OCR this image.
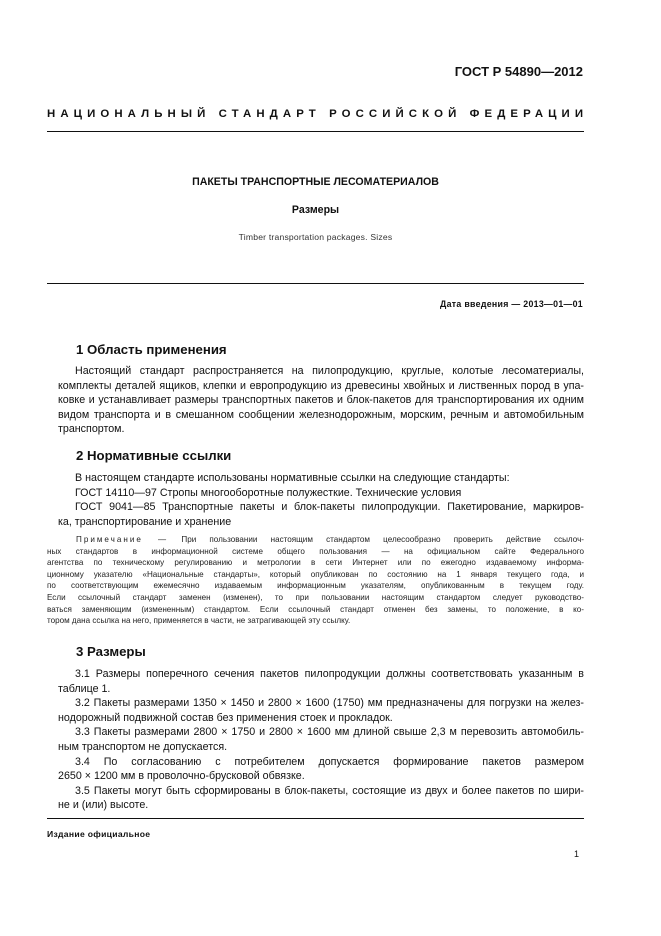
ГОСТ Р 54890—2012
НАЦИОНАЛЬНЫЙ СТАНДАРТ РОССИЙСКОЙ ФЕДЕРАЦИИ
ПАКЕТЫ ТРАНСПОРТНЫЕ ЛЕСОМАТЕРИАЛОВ
Размеры
Timber transportation packages. Sizes
Дата введения — 2013—01—01
1 Область применения
Настоящий стандарт распространяется на пилопродукцию, круглые, колотые лесоматериалы,
комплекты деталей ящиков, клепки и европродукцию из древесины хвойных и лиственных пород в упа-
ковке и устанавливает размеры транспортных пакетов и блок-пакетов для транспортирования их одним
видом транспорта и в смешанном сообщении железнодорожным, морским, речным и автомобильным
транспортом.
2 Нормативные ссылки
В настоящем стандарте использованы нормативные ссылки на следующие стандарты:
ГОСТ 14110—97 Стропы многооборотные полужесткие. Технические условия
ГОСТ 9041—85 Транспортные пакеты и блок-пакеты пилопродукции. Пакетирование, маркиров-
ка, транспортирование и хранение
Примечание — При пользовании настоящим стандартом целесообразно проверить действие ссылоч-
ных стандартов в информационной системе общего пользования — на официальном сайте Федерального
агентства по техническому регулированию и метрологии в сети Интернет или по ежегодно издаваемому информа-
ционному указателю «Национальные стандарты», который опубликован по состоянию на 1 января текущего года, и
по соответствующим ежемесячно издаваемым информационным указателям, опубликованным в текущем году.
Если ссылочный стандарт заменен (изменен), то при пользовании настоящим стандартом следует руководство-
ваться заменяющим (измененным) стандартом. Если ссылочный стандарт отменен без замены, то положение, в ко-
тором дана ссылка на него, применяется в части, не затрагивающей эту ссылку.
3 Размеры
3.1 Размеры поперечного сечения пакетов пилопродукции должны соответствовать указанным в
таблице 1.
3.2 Пакеты размерами 1350 × 1450 и 2800 × 1600 (1750) мм предназначены для погрузки на желез-
нодорожный подвижной состав без применения стоек и прокладок.
3.3 Пакеты размерами 2800 × 1750 и 2800 × 1600 мм длиной свыше 2,3 м перевозить автомобиль-
ным транспортом не допускается.
3.4 По согласованию с потребителем допускается формирование пакетов размером
2650 × 1200 мм в проволочно-брусковой обвязке.
3.5 Пакеты могут быть сформированы в блок-пакеты, состоящие из двух и более пакетов по шири-
не и (или) высоте.
Издание официальное
1
